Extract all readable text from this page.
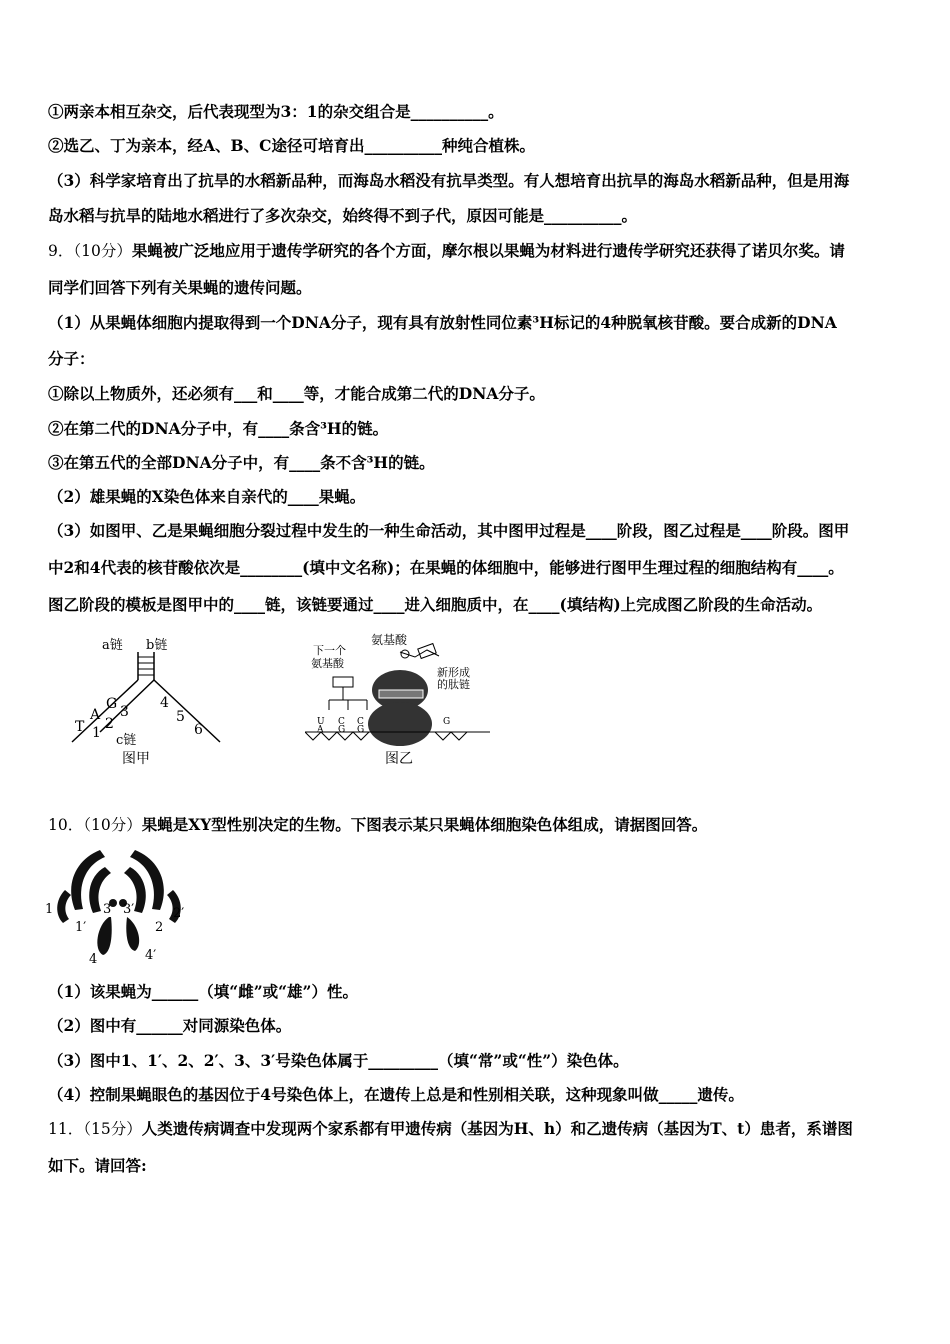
①两亲本相互杂交，后代表现型为3：1的杂交组合是__________。
②选乙、丁为亲本，经A、B、C途径可培育出__________种纯合植株。
（3）科学家培育出了抗旱的水稻新品种，而海岛水稻没有抗旱类型。有人想培育出抗旱的海岛水稻新品种，但是用海
岛水稻与抗旱的陆地水稻进行了多次杂交，始终得不到子代，原因可能是__________。
9．（10分）果蝇被广泛地应用于遗传学研究的各个方面，摩尔根以果蝇为材料进行遗传学研究还获得了诺贝尔奖。请
同学们回答下列有关果蝇的遗传问题。
（1）从果蝇体细胞内提取得到一个DNA分子，现有具有放射性同位素³H标记的4种脱氧核苷酸。要合成新的DNA
分子：
①除以上物质外，还必须有___和____等，才能合成第二代的DNA分子。
②在第二代的DNA分子中，有____条含³H的链。
③在第五代的全部DNA分子中，有____条不含³H的链。
（2）雄果蝇的X染色体来自亲代的____果蝇。
（3）如图甲、乙是果蝇细胞分裂过程中发生的一种生命活动，其中图甲过程是____阶段，图乙过程是____阶段。图甲
中2和4代表的核苷酸依次是________(填中文名称)；在果蝇的体细胞中，能够进行图甲生理过程的细胞结构有____。
图乙阶段的模板是图甲中的____链，该链要通过____进入细胞质中，在____(填结构)上完成图乙阶段的生命活动。
a链 b链
G
A
T
3
1
2
4
5
6
c链
图甲
氨基酸
下一个
氨基酸
新形成
的肽链
U
A
C
G
C
G
G
图乙
10．（10分）果蝇是XY型性别决定的生物。下图表示某只果蝇体细胞染色体组成，请据图回答。
1
1′
3 3′
2
2′
4	4′
（1）该果蝇为______（填“雌”或“雄”）性。
（2）图中有______对同源染色体。
（3）图中1、1′、2、2′、3、3′号染色体属于_________（填“常”或“性”）染色体。
（4）控制果蝇眼色的基因位于4号染色体上，在遗传上总是和性别相关联，这种现象叫做_____遗传。
11．（15分）人类遗传病调查中发现两个家系都有甲遗传病（基因为H、h）和乙遗传病（基因为T、t）患者，系谱图
如下。请回答:
